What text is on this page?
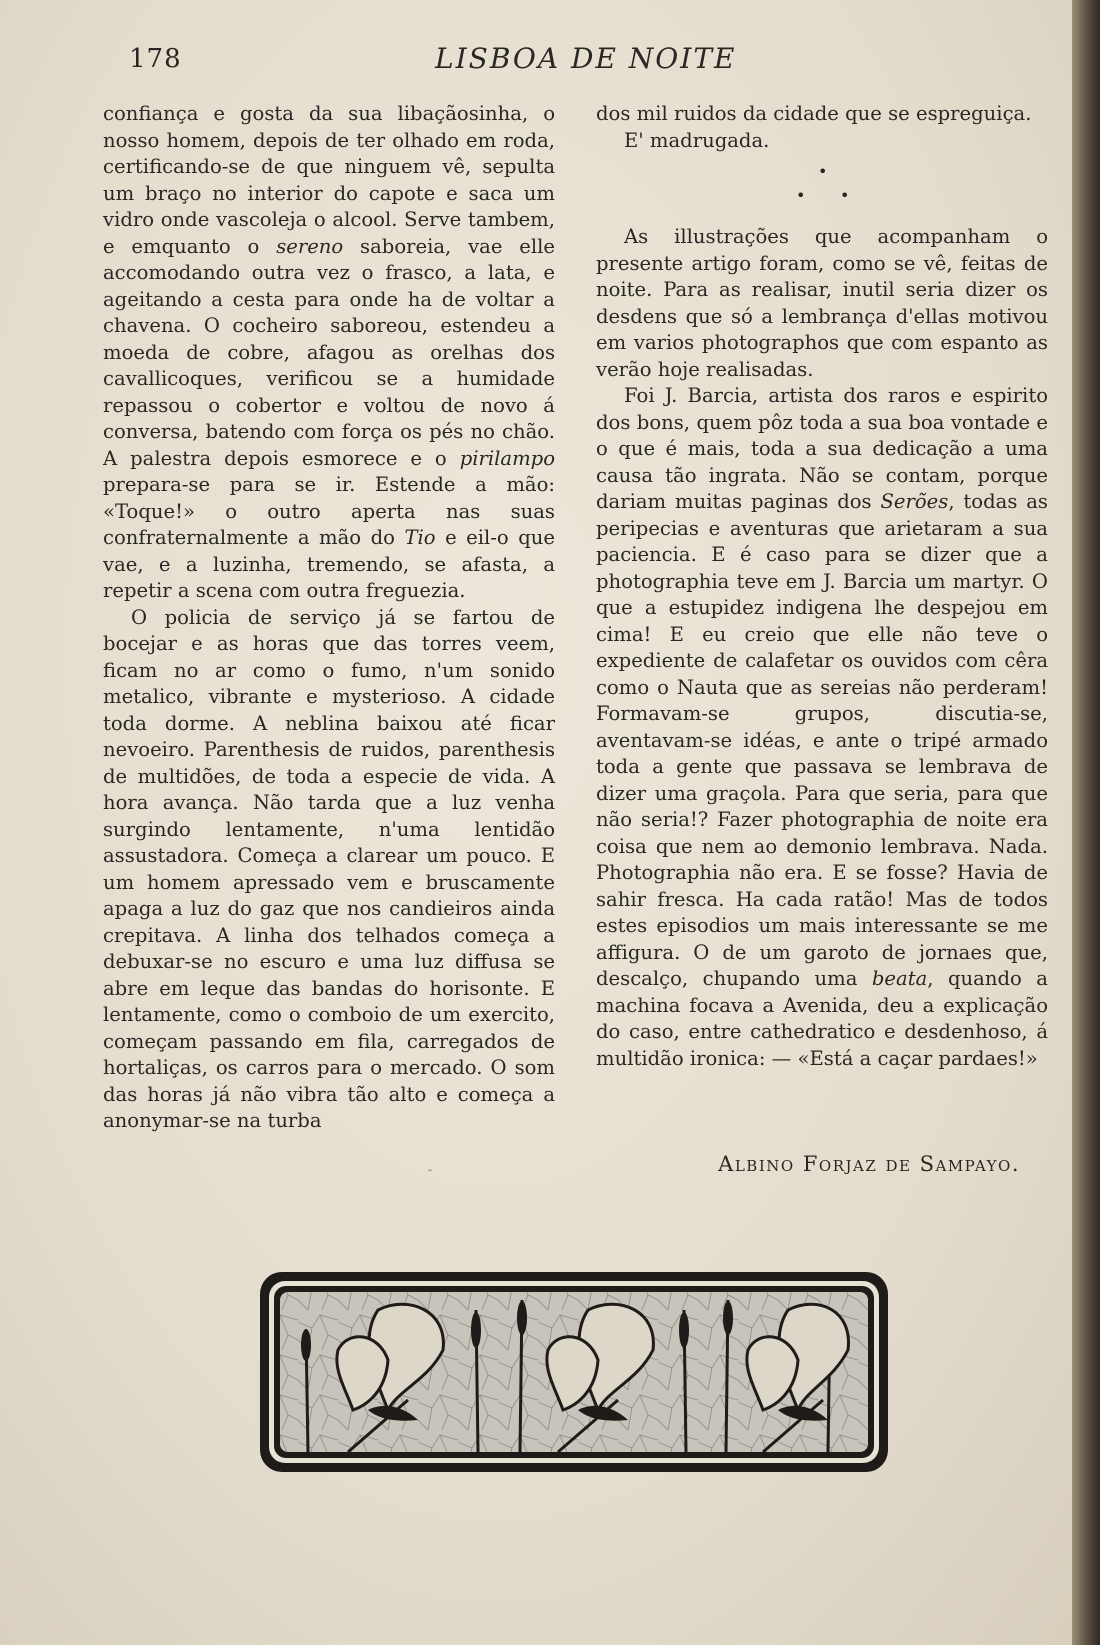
178	LISBOA DE NOITE

confiança e gosta da sua libaçãosinha, o nosso homem, depois de ter olhado em roda, certificando-se de que ninguem vê, sepulta um braço no interior do capote e saca um vidro onde vascoleja o alcool. Serve tambem, e emquanto o sereno saboreia, vae elle accomodando outra vez o frasco, a lata, e ageitando a cesta para onde ha de voltar a chavena. O cocheiro saboreou, estendeu a moeda de cobre, afagou as orelhas dos cavallicoques, verificou se a humidade repassou o cobertor e voltou de novo á conversa, batendo com força os pés no chão. A palestra depois esmorece e o pirilampo prepara-se para se ir. Estende a mão: «Toque!» o outro aperta nas suas confraternalmente a mão do Tio e eil-o que vae, e a luzinha, tremendo, se afasta, a repetir a scena com outra freguezia.

O policia de serviço já se fartou de bocejar e as horas que das torres veem, ficam no ar como o fumo, n'um sonido metalico, vibrante e mysterioso. A cidade toda dorme. A neblina baixou até ficar nevoeiro. Parenthesis de ruidos, parenthesis de multidões, de toda a especie de vida. A hora avança. Não tarda que a luz venha surgindo lentamente, n'uma lentidão assustadora. Começa a clarear um pouco. E um homem apressado vem e bruscamente apaga a luz do gaz que nos candieiros ainda crepitava. A linha dos telhados começa a debuxar-se no escuro e uma luz diffusa se abre em leque das bandas do horisonte. E lentamente, como o comboio de um exercito, começam passando em fila, carregados de hortaliças, os carros para o mercado. O som das horas já não vibra tão alto e começa a anonymar-se na turba

dos mil ruidos da cidade que se espreguiça.

E' madrugada.

•
• •

As illustrações que acompanham o presente artigo foram, como se vê, feitas de noite. Para as realisar, inutil seria dizer os desdens que só a lembrança d'ellas motivou em varios photographos que com espanto as verão hoje realisadas.

Foi J. Barcia, artista dos raros e espirito dos bons, quem pôz toda a sua boa vontade e o que é mais, toda a sua dedicação a uma causa tão ingrata. Não se contam, porque dariam muitas paginas dos Serões, todas as peripecias e aventuras que arietaram a sua paciencia. E é caso para se dizer que a photographia teve em J. Barcia um martyr. O que a estupidez indigena lhe despejou em cima! E eu creio que elle não teve o expediente de calafetar os ouvidos com cêra como o Nauta que as sereias não perderam! Formavam-se grupos, discutia-se, aventavam-se idéas, e ante o tripé armado toda a gente que passava se lembrava de dizer uma graçola. Para que seria, para que não seria!? Fazer photographia de noite era coisa que nem ao demonio lembrava. Nada. Photographia não era. E se fosse? Havia de sahir fresca. Ha cada ratão! Mas de todos estes episodios um mais interessante se me affigura. O de um garoto de jornaes que, descalço, chupando uma beata, quando a machina focava a Avenida, deu a explicação do caso, entre cathedratico e desdenhoso, á multidão ironica: — «Está a caçar pardaes!»

Albino Forjaz de Sampayo.
˘
